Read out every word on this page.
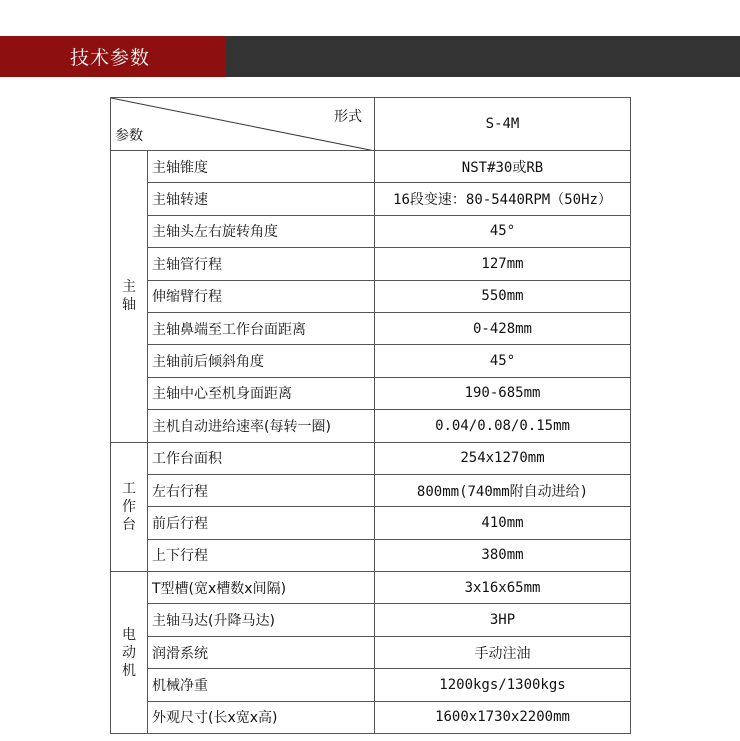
技术参数
形式
参数		S-4M
主轴	主轴锥度	NST#30或RB
	主轴转速	16段变速：80-5440RPM（50Hz）
	主轴头左右旋转角度	45°
	主轴管行程	127mm
	伸缩臂行程	550mm
	主轴鼻端至工作台面距离	0-428mm
	主轴前后倾斜角度	45°
	主轴中心至机身面距离	190-685mm
	主机自动进给速率(每转一圈)	0.04/0.08/0.15mm
工作台	工作台面积	254x1270mm
	左右行程	800mm(740mm附自动进给)
	前后行程	410mm
	上下行程	380mm
电动机	T型槽(宽x槽数x间隔)	3x16x65mm
	主轴马达(升降马达)	3HP
	润滑系统	手动注油
	机械净重	1200kgs/1300kgs
	外观尺寸(长x宽x高)	1600x1730x2200mm
